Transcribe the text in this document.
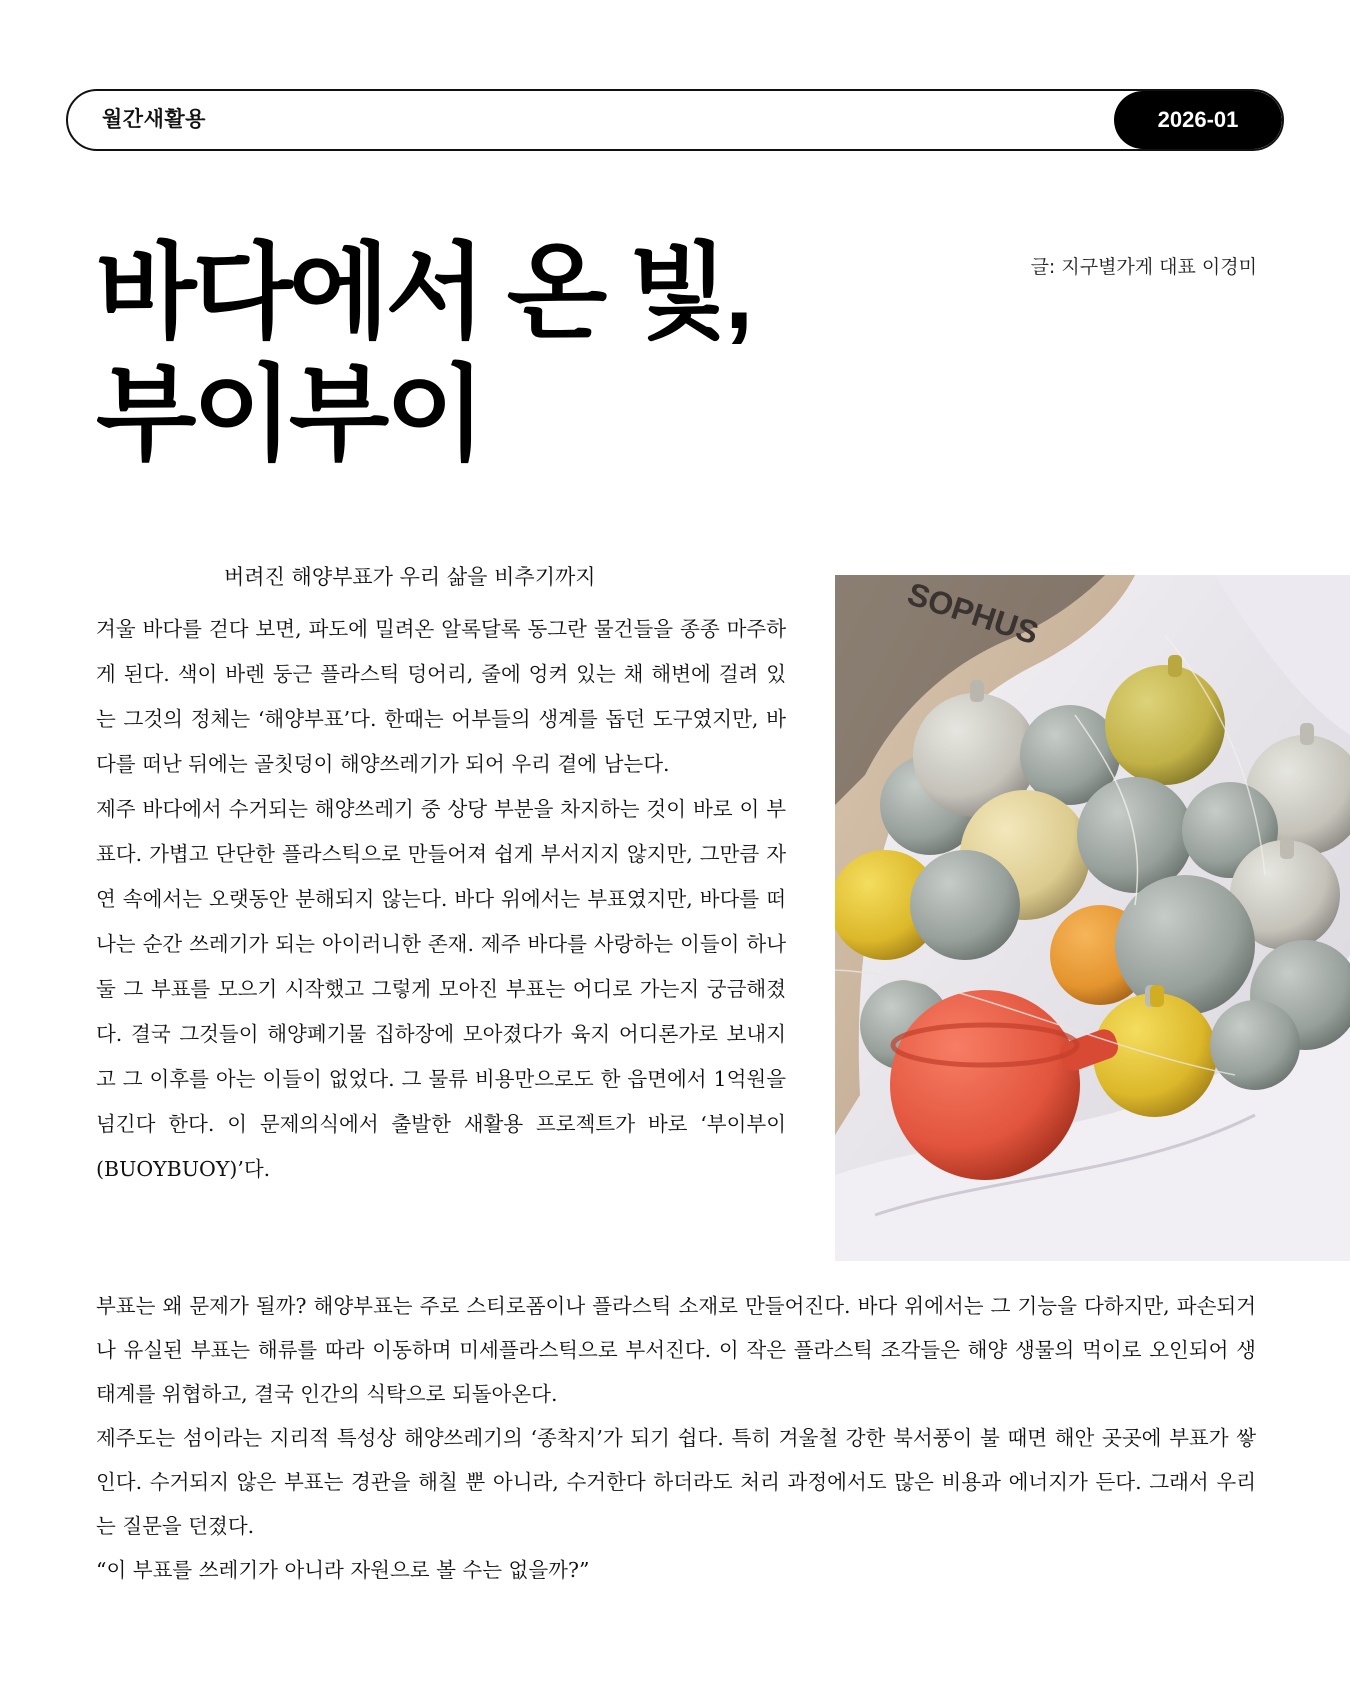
월간새활용	2026-01
바다에서 온 빛,
부이부이
글: 지구별가게 대표 이경미
버려진 해양부표가 우리 삶을 비추기까지

겨울 바다를 걷다 보면, 파도에 밀려온 알록달록 동그란 물건들을 종종 마주하게 된다. 색이 바렌 둥근 플라스틱 덩어리, 줄에 엉켜 있는 채 해변에 걸려 있는 그것의 정체는 ‘해양부표’다. 한때는 어부들의 생계를 돕던 도구였지만, 바다를 떠난 뒤에는 골칫덩이 해양쓰레기가 되어 우리 곁에 남는다.

제주 바다에서 수거되는 해양쓰레기 중 상당 부분을 차지하는 것이 바로 이 부표다. 가볍고 단단한 플라스틱으로 만들어져 쉽게 부서지지 않지만, 그만큼 자연 속에서는 오랫동안 분해되지 않는다. 바다 위에서는 부표였지만, 바다를 떠나는 순간 쓰레기가 되는 아이러니한 존재. 제주 바다를 사랑하는 이들이 하나 둘 그 부표를 모으기 시작했고 그렇게 모아진 부표는 어디로 가는지 궁금해졌다. 결국 그것들이 해양폐기물 집하장에 모아졌다가 육지 어디론가로 보내지고 그 이후를 아는 이들이 없었다. 그 물류 비용만으로도 한 읍면에서 1억원을 넘긴다 한다. 이 문제의식에서 출발한 새활용 프로젝트가 바로 ‘부이부이(BUOYBUOY)’다.

SOPHUS

부표는 왜 문제가 될까? 해양부표는 주로 스티로폼이나 플라스틱 소재로 만들어진다. 바다 위에서는 그 기능을 다하지만, 파손되거나 유실된 부표는 해류를 따라 이동하며 미세플라스틱으로 부서진다. 이 작은 플라스틱 조각들은 해양 생물의 먹이로 오인되어 생태계를 위협하고, 결국 인간의 식탁으로 되돌아온다.

제주도는 섬이라는 지리적 특성상 해양쓰레기의 ‘종착지’가 되기 쉽다. 특히 겨울철 강한 북서풍이 불 때면 해안 곳곳에 부표가 쌓인다. 수거되지 않은 부표는 경관을 해칠 뿐 아니라, 수거한다 하더라도 처리 과정에서도 많은 비용과 에너지가 든다. 그래서 우리는 질문을 던졌다.

“이 부표를 쓰레기가 아니라 자원으로 볼 수는 없을까?”
